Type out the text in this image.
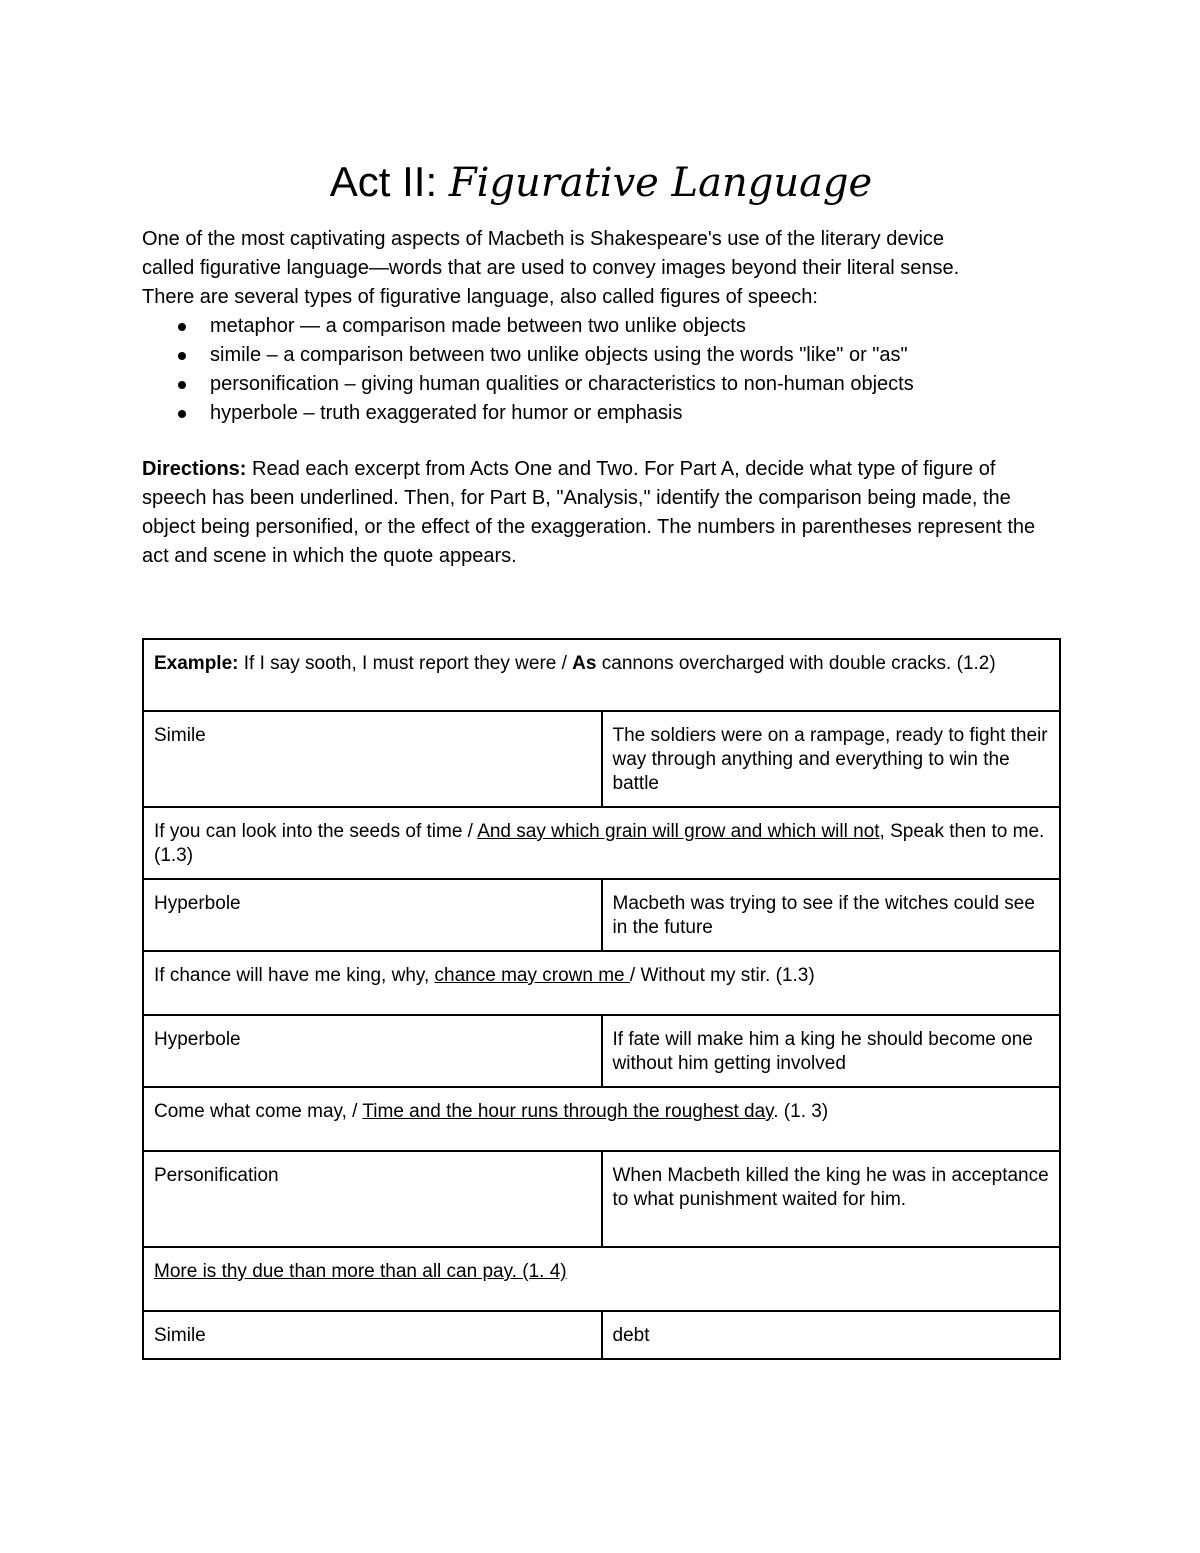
Act II: Figurative Language

One of the most captivating aspects of Macbeth is Shakespeare's use of the literary device
called figurative language—words that are used to convey images beyond their literal sense.
There are several types of figurative language, also called figures of speech:

metaphor — a comparison made between two unlike objects
simile – a comparison between two unlike objects using the words "like" or "as"
personification – giving human qualities or characteristics to non-human objects
hyperbole – truth exaggerated for humor or emphasis

Directions: Read each excerpt from Acts One and Two. For Part A, decide what type of figure of speech has been underlined. Then, for Part B, "Analysis," identify the comparison being made, the object being personified, or the effect of the exaggeration. The numbers in parentheses represent the act and scene in which the quote appears.

Example: If I say sooth, I must report they were / As cannons overcharged with double cracks. (1.2)	
Simile	The soldiers were on a rampage, ready to fight their way through anything and everything to win the battle
If you can look into the seeds of time / And say which grain will grow and which will not, Speak then to me. (1.3)	
Hyperbole	Macbeth was trying to see if the witches could see in the future
If chance will have me king, why, chance may crown me / Without my stir. (1.3)	
Hyperbole	If fate will make him a king he should become one without him getting involved
Come what come may, / Time and the hour runs through the roughest day. (1. 3)	
Personification	When Macbeth killed the king he was in acceptance to what punishment waited for him.
More is thy due than more than all can pay. (1. 4)	
Simile	debt
